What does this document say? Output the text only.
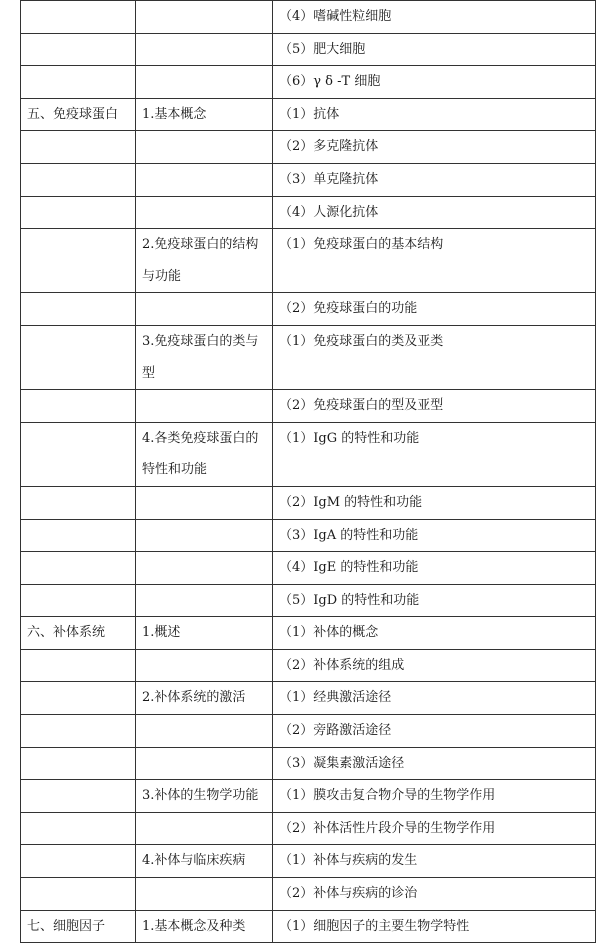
		（4）嗜碱性粒细胞
		（5）肥大细胞
		（6）γ δ -T 细胞
五、免疫球蛋白	1.基本概念	（1）抗体
		（2）多克隆抗体
		（3）单克隆抗体
		（4）人源化抗体
	2.免疫球蛋白的结构与功能	（1）免疫球蛋白的基本结构
		（2）免疫球蛋白的功能
	3.免疫球蛋白的类与型	（1）免疫球蛋白的类及亚类
		（2）免疫球蛋白的型及亚型
	4.各类免疫球蛋白的特性和功能	（1）IgG 的特性和功能
		（2）IgM 的特性和功能
		（3）IgA 的特性和功能
		（4）IgE 的特性和功能
		（5）IgD 的特性和功能
六、补体系统	1.概述	（1）补体的概念
		（2）补体系统的组成
	2.补体系统的激活	（1）经典激活途径
		（2）旁路激活途径
		（3）凝集素激活途径
	3.补体的生物学功能	（1）膜攻击复合物介导的生物学作用
		（2）补体活性片段介导的生物学作用
	4.补体与临床疾病	（1）补体与疾病的发生
		（2）补体与疾病的诊治
七、细胞因子	1.基本概念及种类	（1）细胞因子的主要生物学特性
